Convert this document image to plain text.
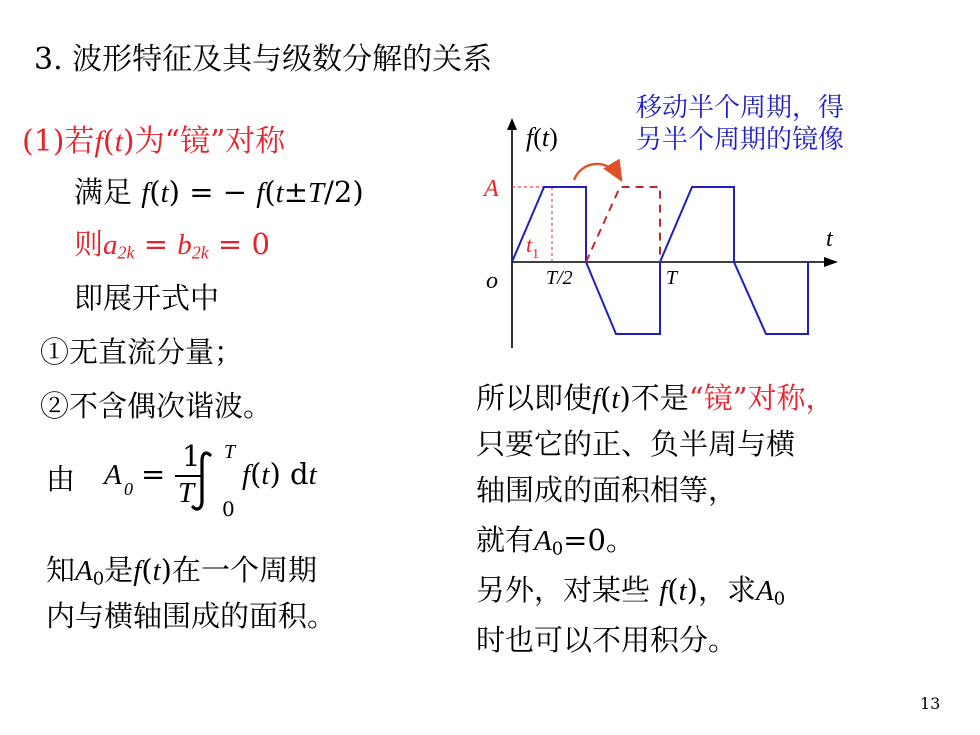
3. 波形特征及其与级数分解的关系
(1)若f(t)为“镜”对称
满足 f(t) = − f(t±T/2)
则$a_{2k} = b_{2k} = 0$
即展开式中
①无直流分量；
②不含偶次谐波。
由 A 0 =
1
T
T
0
f(t) dt
知$A_0$是f(t)在一个周期
内与横轴围成的面积。
移动半个周期，得
另半个周期的镜像
f(t)
t
o
A
$t_1$
T/2	T
所以即使f(t)不是“镜”对称，
只要它的正、负半周与横
轴围成的面积相等，
就有$A_0=0$。
另外，对某些 f(t)，求$A_0$
时也可以不用积分。
13
